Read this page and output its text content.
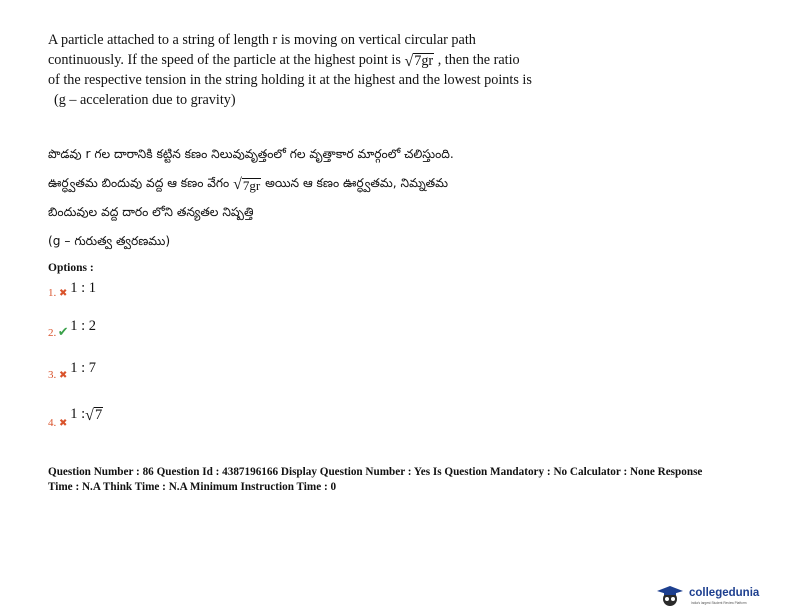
A particle attached to a string of length r is moving on vertical circular path
continuously. If the speed of the particle at the highest point is √ 7gr , then the ratio
of the respective tension in the string holding it at the highest and the lowest points is
(g – acceleration due to gravity)
పొడవు r గల దారానికి కట్టిన కణం నిలువువృత్తంలో గల వృత్తాకార మార్గంలో చలిస్తుంది.
ఊర్ధ్వతమ బిందువు వద్ద ఆ కణం వేగం √ 7gr అయిన ఆ కణం ఊర్ధ్వతమ, నిమ్నతమ
బిందువుల వద్ద దారం లోని తన్యతల నిష్పత్తి
(g – గురుత్వ త్వరణము)
Options :
1. ✖ 1 : 1
2. ✔ 1 : 2
3. ✖ 1 : 7
4. ✖1 : √ 7
Question Number : 86 Question Id : 4387196166 Display Question Number : Yes Is Question Mandatory : No Calculator : None Response
Time : N.A Think Time : N.A Minimum Instruction Time : 0
collegedunia
India's largest Student Review Platform
